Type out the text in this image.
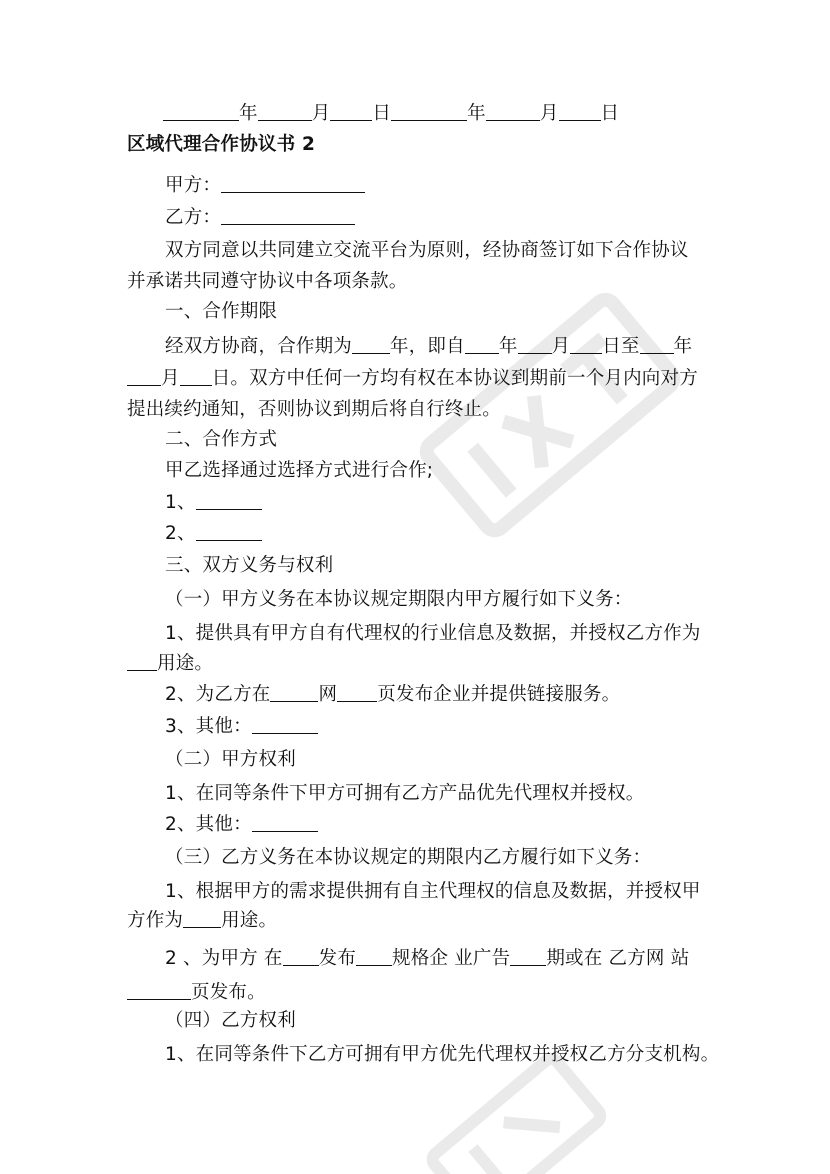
年	月 日	年	月 日
区域代理合作协议书 2
甲方：
乙方：
双方同意以共同建立交流平台为原则，经协商签订如下合作协议
并承诺共同遵守协议中各项条款。
一、合作期限
经双方协商，合作期为 年，即自 年 月 日至 年
月 日。双方中任何一方均有权在本协议到期前一个月内向对方
提出续约通知，否则协议到期后将自行终止。
二、合作方式
甲乙选择通过选择方式进行合作;
1、
2、
三、双方义务与权利
（一）甲方义务在本协议规定期限内甲方履行如下义务：
1、提供具有甲方自有代理权的行业信息及数据，并授权乙方作为
用途。
2、为乙方在	网 页发布企业并提供链接服务。
3、其他：
（二）甲方权利
1、在同等条件下甲方可拥有乙方产品优先代理权并授权。
2、其他：
（三）乙方义务在本协议规定的期限内乙方履行如下义务：
1、根据甲方的需求提供拥有自主代理权的信息及数据，并授权甲
方作为 用途。
2 、为甲方 在 发布 规格企 业广告 期或在 乙方网 站
页发布。
（四）乙方权利
1、在同等条件下乙方可拥有甲方优先代理权并授权乙方分支机构。
